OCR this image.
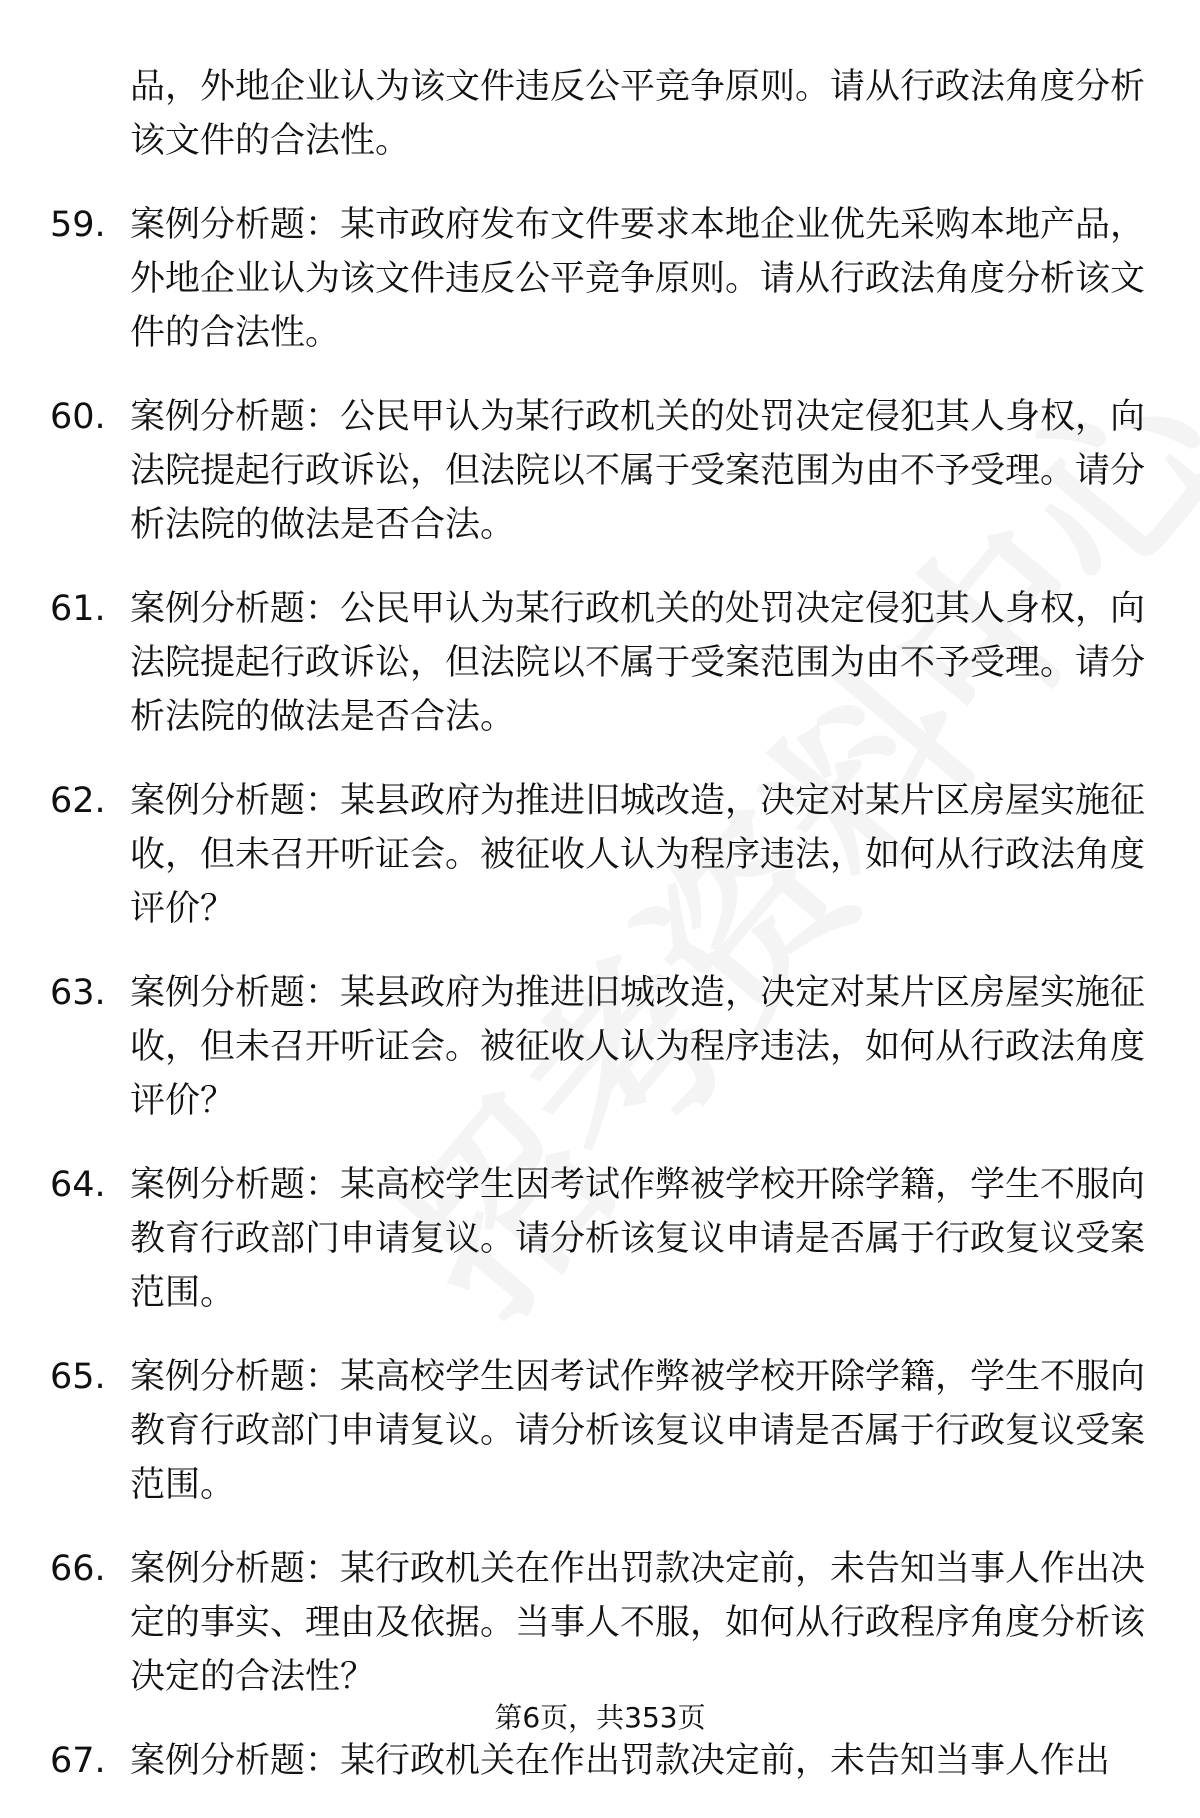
品，外地企业认为该文件违反公平竞争原则。请从行政法角度分析该文件的合法性。
59. 案例分析题：某市政府发布文件要求本地企业优先采购本地产品，外地企业认为该文件违反公平竞争原则。请从行政法角度分析该文件的合法性。
60. 案例分析题：公民甲认为某行政机关的处罚决定侵犯其人身权，向法院提起行政诉讼，但法院以不属于受案范围为由不予受理。请分析法院的做法是否合法。
61. 案例分析题：公民甲认为某行政机关的处罚决定侵犯其人身权，向法院提起行政诉讼，但法院以不属于受案范围为由不予受理。请分析法院的做法是否合法。
62. 案例分析题：某县政府为推进旧城改造，决定对某片区房屋实施征收，但未召开听证会。被征收人认为程序违法，如何从行政法角度评价？
63. 案例分析题：某县政府为推进旧城改造，决定对某片区房屋实施征收，但未召开听证会。被征收人认为程序违法，如何从行政法角度评价？
64. 案例分析题：某高校学生因考试作弊被学校开除学籍，学生不服向教育行政部门申请复议。请分析该复议申请是否属于行政复议受案范围。
65. 案例分析题：某高校学生因考试作弊被学校开除学籍，学生不服向教育行政部门申请复议。请分析该复议申请是否属于行政复议受案范围。
66. 案例分析题：某行政机关在作出罚款决定前，未告知当事人作出决定的事实、理由及依据。当事人不服，如何从行政程序角度分析该决定的合法性？
67. 案例分析题：某行政机关在作出罚款决定前，未告知当事人作出
第6页，共353页
